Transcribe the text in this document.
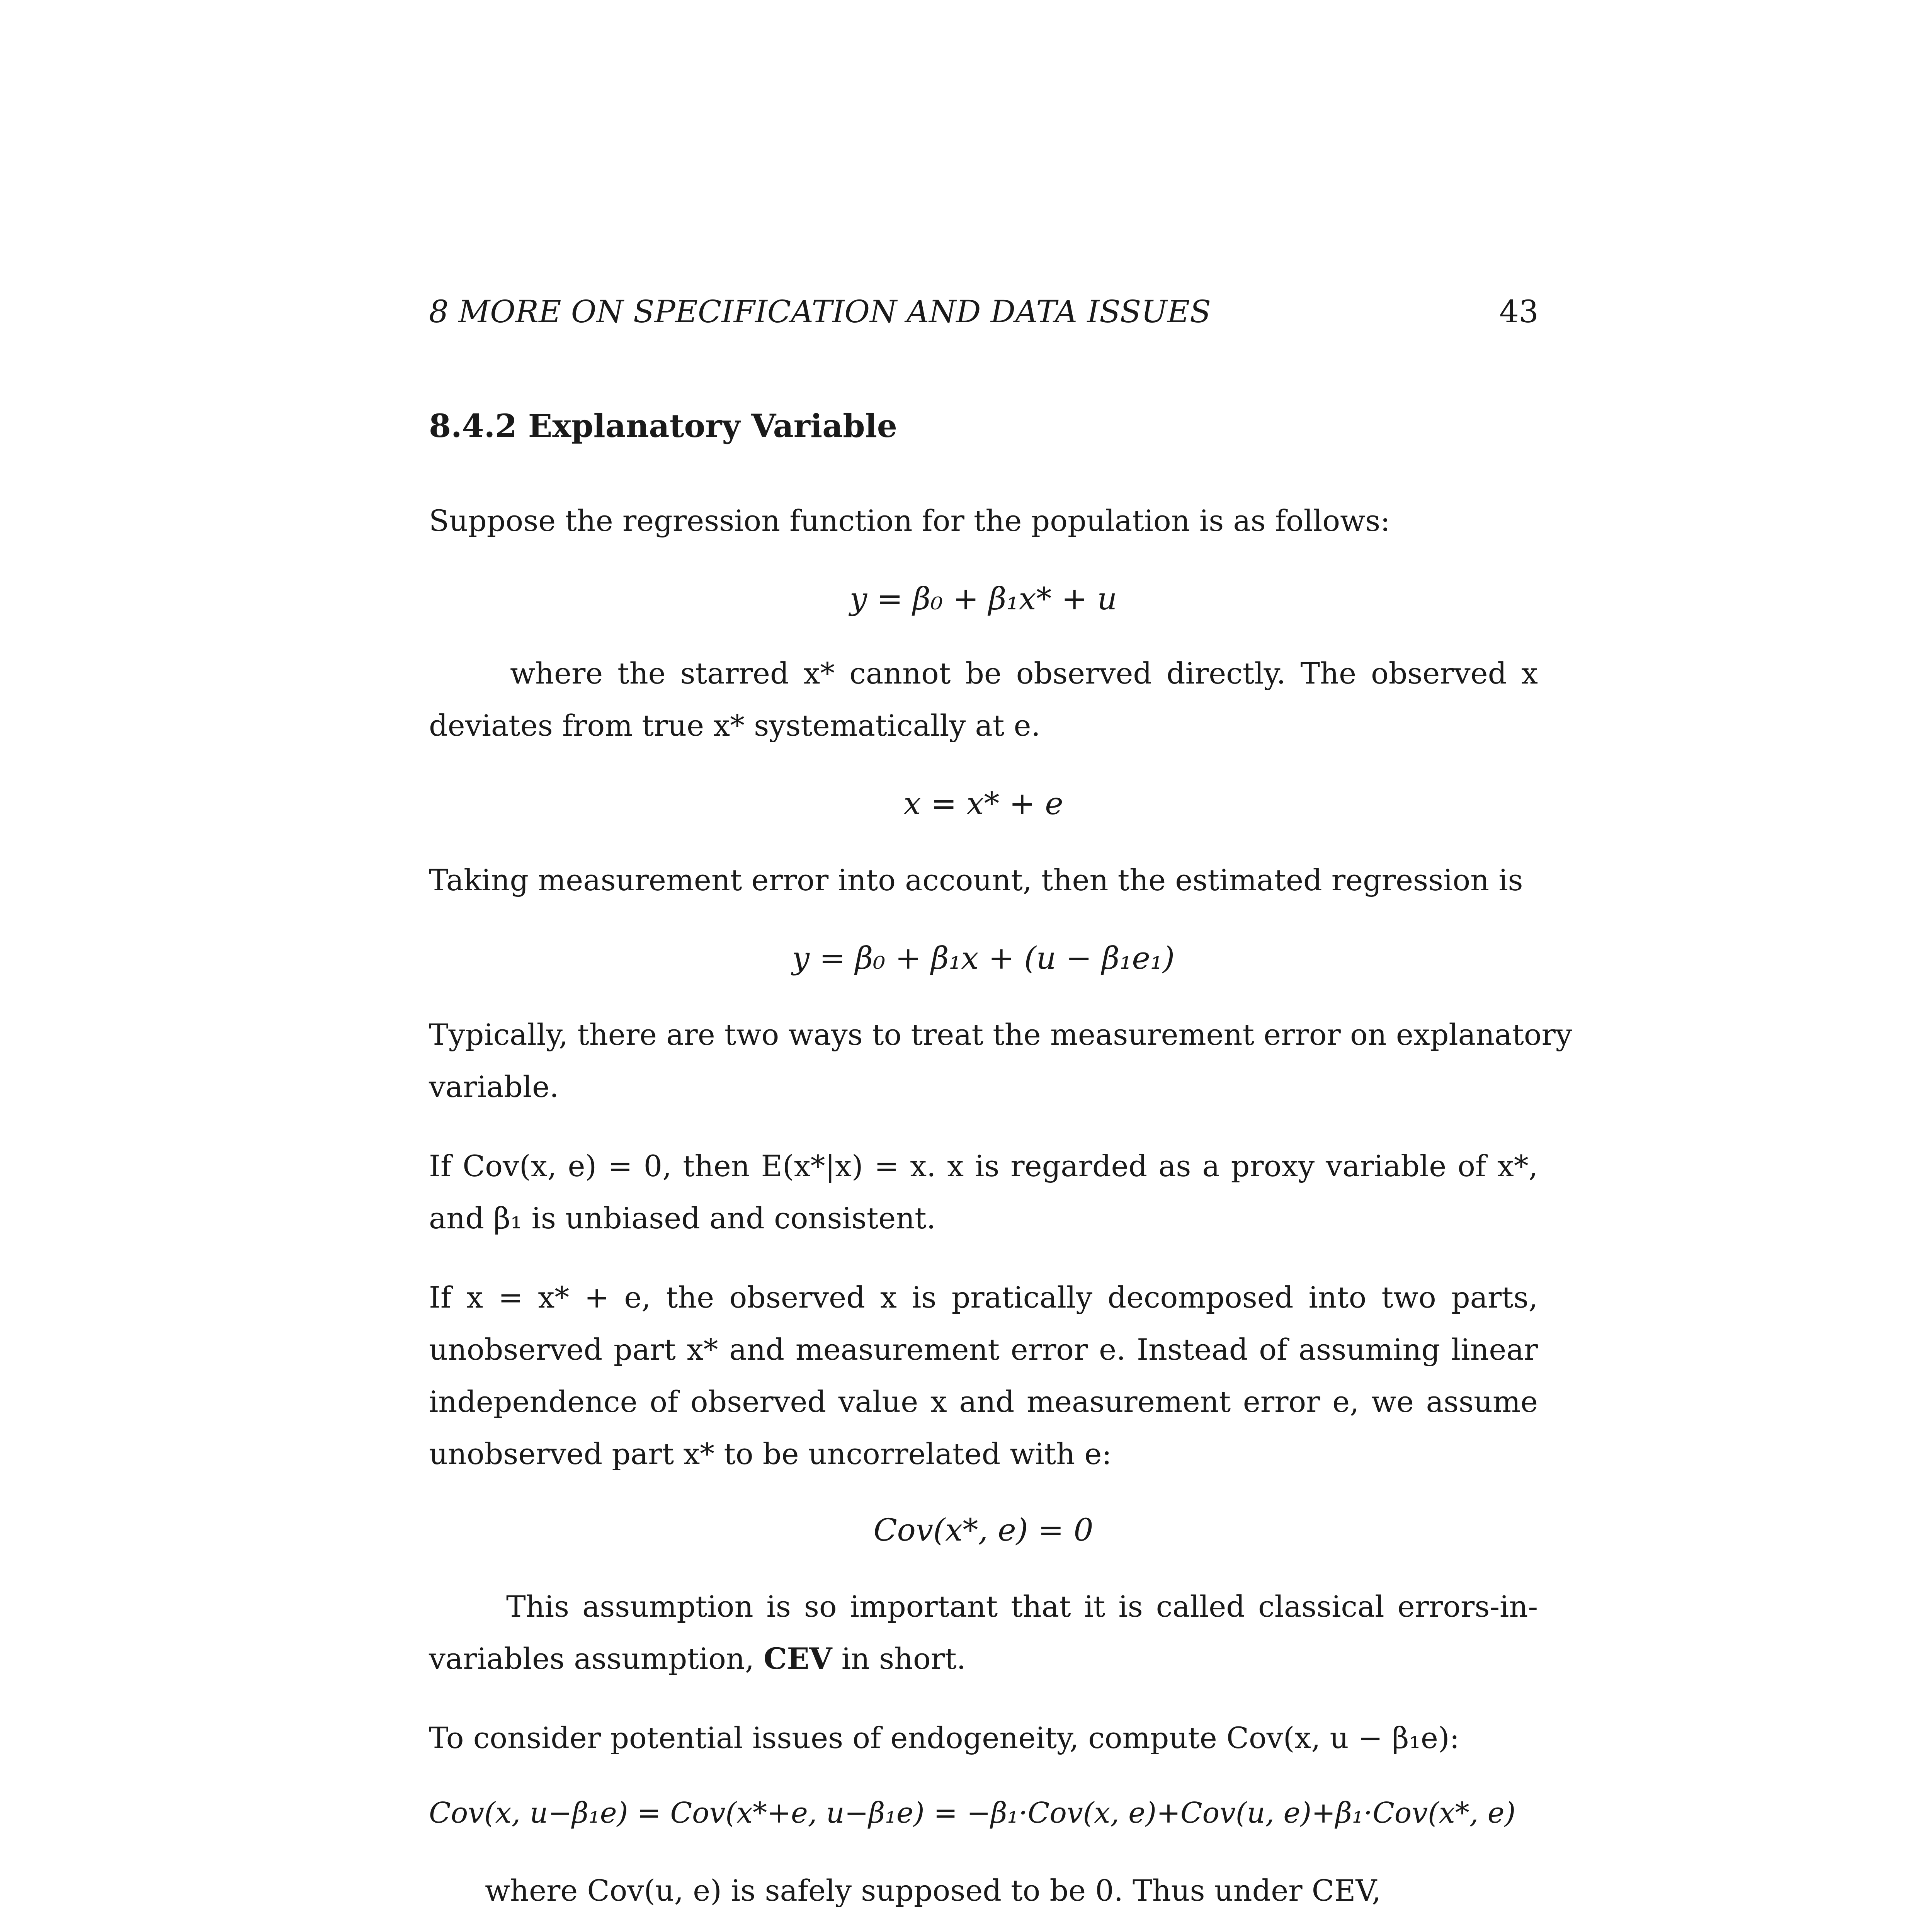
8 MORE ON SPECIFICATION AND DATA ISSUES	43
8.4.2 Explanatory Variable
Suppose the regression function for the population is as follows:
y = β₀ + β₁x* + u
where the starred x* cannot be observed directly. The observed x
deviates from true x* systematically at e.
x = x* + e
Taking measurement error into account, then the estimated regression is
y = β₀ + β₁x + (u − β₁e₁)
Typically, there are two ways to treat the measurement error on explanatory
variable.
If Cov(x, e) = 0, then E(x*|x) = x. x is regarded as a proxy variable of x*,
and β₁ is unbiased and consistent.
If x = x* + e, the observed x is pratically decomposed into two parts,
unobserved part x* and measurement error e. Instead of assuming linear
independence of observed value x and measurement error e, we assume
unobserved part x* to be uncorrelated with e:
Cov(x*, e) = 0
This assumption is so important that it is called classical errors-in-
variables assumption, CEV in short.
To consider potential issues of endogeneity, compute Cov(x, u − β₁e):
Cov(x, u−β₁e) = Cov(x*+e, u−β₁e) = −β₁·Cov(x, e)+Cov(u, e)+β₁·Cov(x*, e)
where Cov(u, e) is safely supposed to be 0. Thus under CEV,
